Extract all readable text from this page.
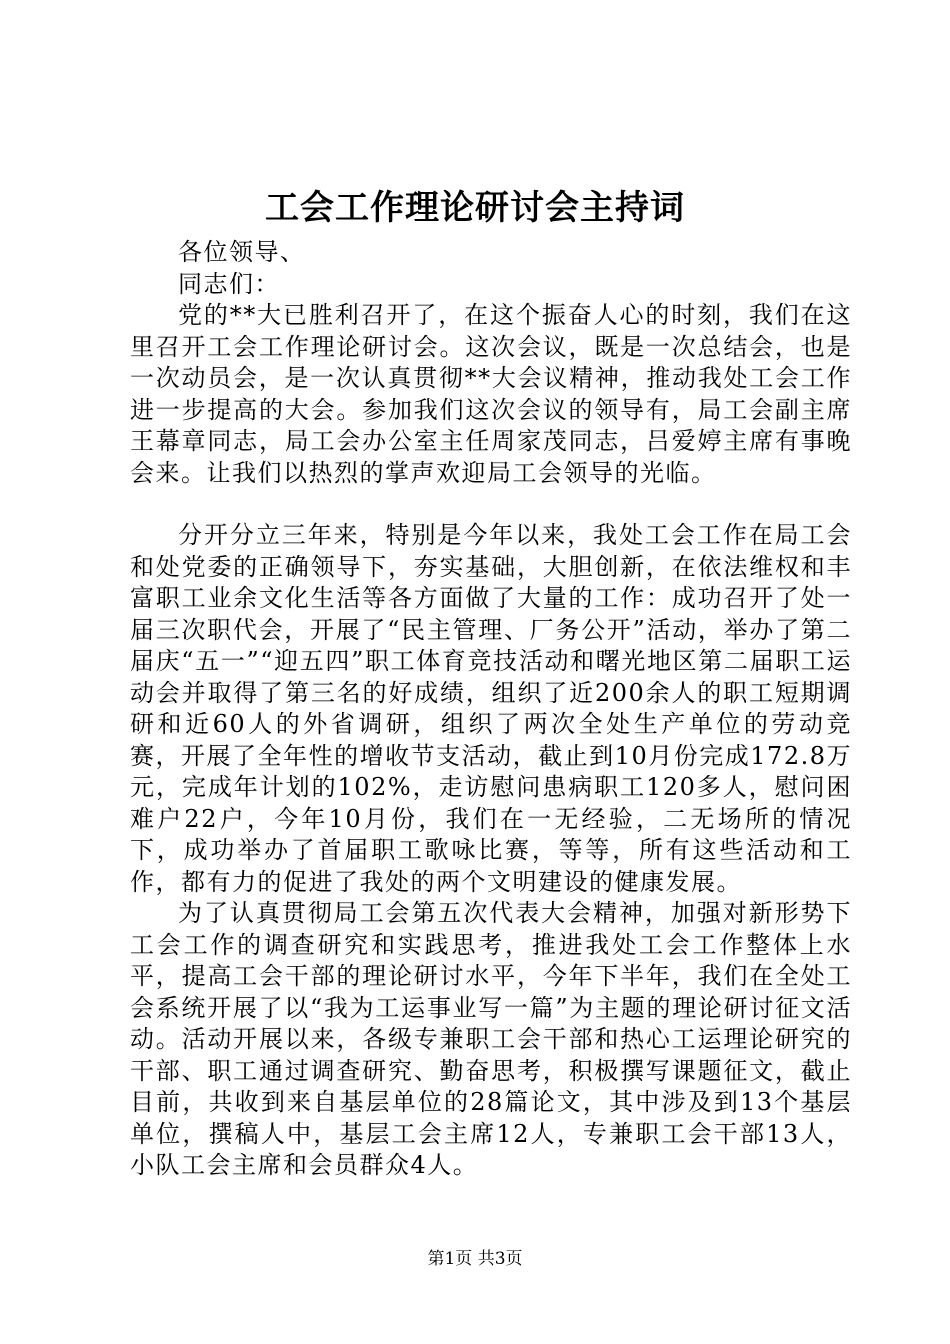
工会工作理论研讨会主持词

各位领导、

同志们：

党的**大已胜利召开了，在这个振奋人心的时刻，我们在这里召开工会工作理论研讨会。这次会议，既是一次总结会，也是一次动员会，是一次认真贯彻**大会议精神，推动我处工会工作进一步提高的大会。参加我们这次会议的领导有，局工会副主席王幕章同志，局工会办公室主任周家茂同志，吕爱婷主席有事晚会来。让我们以热烈的掌声欢迎局工会领导的光临。

分开分立三年来，特别是今年以来，我处工会工作在局工会和处党委的正确领导下，夯实基础，大胆创新，在依法维权和丰富职工业余文化生活等各方面做了大量的工作：成功召开了处一届三次职代会，开展了“民主管理、厂务公开”活动，举办了第二届庆“五一”“迎五四”职工体育竞技活动和曙光地区第二届职工运动会并取得了第三名的好成绩，组织了近200余人的职工短期调研和近60人的外省调研，组织了两次全处生产单位的劳动竞赛，开展了全年性的增收节支活动，截止到10月份完成172.8万元，完成年计划的102%，走访慰问患病职工120多人，慰问困难户22户，今年10月份，我们在一无经验，二无场所的情况下，成功举办了首届职工歌咏比赛，等等，所有这些活动和工作，都有力的促进了我处的两个文明建设的健康发展。

为了认真贯彻局工会第五次代表大会精神，加强对新形势下工会工作的调查研究和实践思考，推进我处工会工作整体上水平，提高工会干部的理论研讨水平，今年下半年，我们在全处工会系统开展了以“我为工运事业写一篇”为主题的理论研讨征文活动。活动开展以来，各级专兼职工会干部和热心工运理论研究的干部、职工通过调查研究、勤奋思考，积极撰写课题征文，截止目前，共收到来自基层单位的28篇论文，其中涉及到13个基层单位，撰稿人中，基层工会主席12人，专兼职工会干部13人，小队工会主席和会员群众4人。

第1页 共3页
